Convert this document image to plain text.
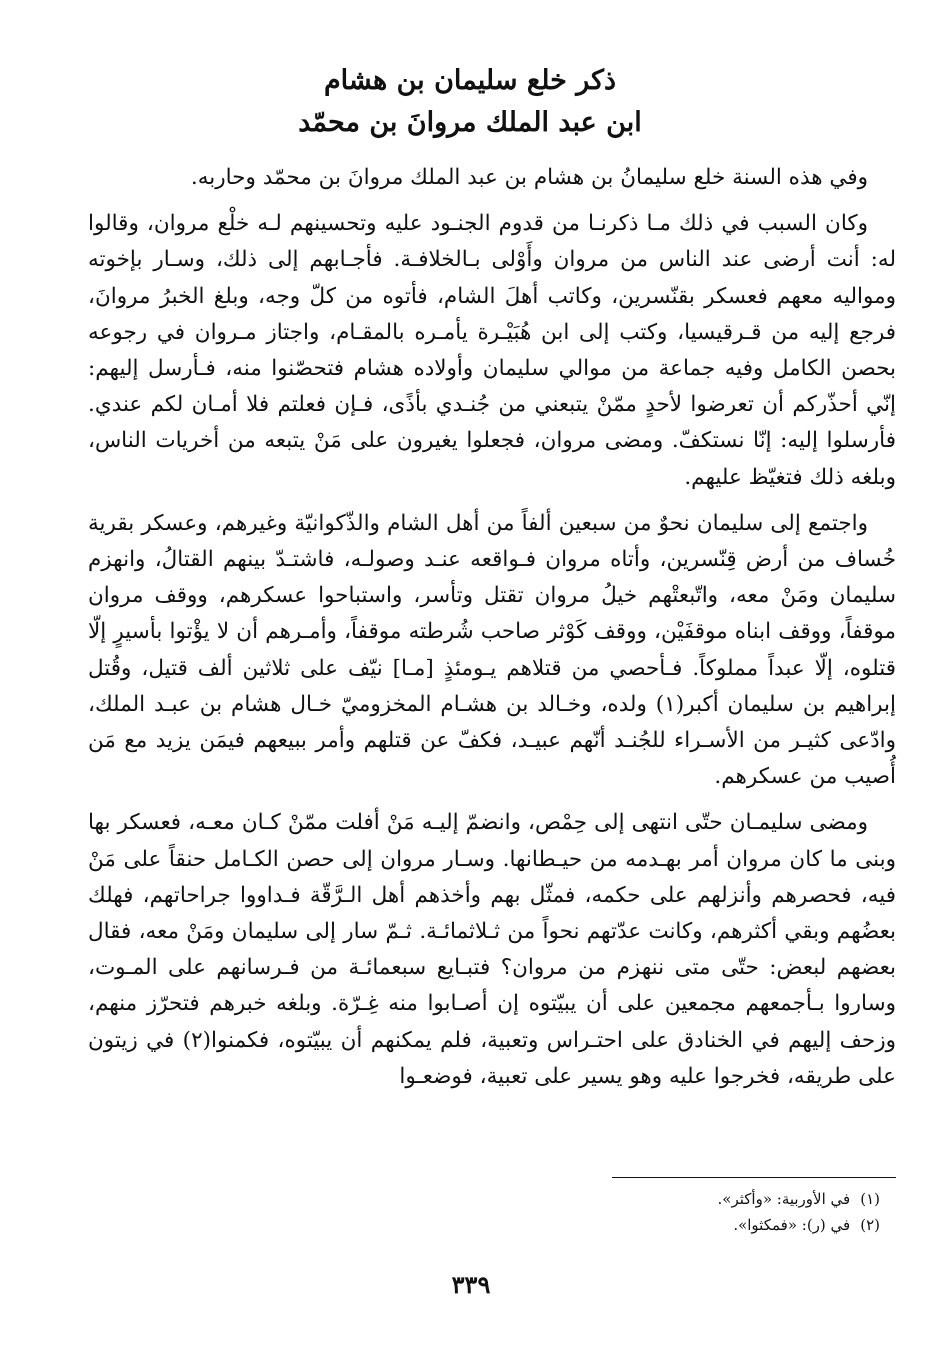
ذكر خلع سليمان بن هشام
ابن عبد الملك مروانَ بن محمّد

وفي هذه السنة خلع سليمانُ بن هشام بن عبد الملك مروانَ بن محمّد وحاربه.

وكان السبب في ذلك مـا ذكرنـا من قدوم الجنـود عليه وتحسينهم لـه خلْع مروان، وقالوا له: أنت أرضى عند الناس من مروان وأَوْلى بـالخلافـة. فأجـابهم إلى ذلك، وسـار بإخوته ومواليه معهم فعسكر بقنّسرين، وكاتب أهلَ الشام، فأتوه من كلّ وجه، وبلغ الخبرُ مروانَ، فرجع إليه من قـرقيسيا، وكتب إلى ابن هُبَيْـرة يأمـره بالمقـام، واجتاز مـروان في رجوعه بحصن الكامل وفيه جماعة من موالي سليمان وأولاده هشام فتحصّنوا منه، فـأرسل إليهم: إنّي أحذّركم أن تعرضوا لأحدٍ ممّنْ يتبعني من جُنـدي بأذًى، فـإن فعلتم فلا أمـان لكم عندي. فأرسلوا إليه: إنّا نستكفّ. ومضى مروان، فجعلوا يغيرون على مَنْ يتبعه من أخريات الناس، وبلغه ذلك فتغيّظ عليهم.

واجتمع إلى سليمان نحوٌ من سبعين ألفاً من أهل الشام والذّكوانيّة وغيرهم، وعسكر بقرية خُساف من أرض قِنّسرين، وأتاه مروان فـواقعه عنـد وصولـه، فاشتـدّ بينهم القتالُ، وانهزم سليمان ومَنْ معه، واتّبعتْهم خيلُ مروان تقتل وتأسر، واستباحوا عسكرهم، ووقف مروان موقفاً، ووقف ابناه موقفَيْن، ووقف كَوْثر صاحب شُرطته موقفاً، وأمـرهم أن لا يؤْتوا بأسيرٍ إلّا قتلوه، إلّا عبداً مملوكاً. فـأحصي من قتلاهم يـومئذٍ [مـا] نيّف على ثلاثين ألف قتيل، وقُتل إبراهيم بن سليمان أكبر(١) ولده، وخـالد بن هشـام المخزوميّ خـال هشام بن عبـد الملك، وادّعى كثيـر من الأسـراء للجُنـد أنّهم عبيـد، فكفّ عن قتلهم وأمر ببيعهم فيمَن يزيد مع مَن أُصيب من عسكرهم.

ومضى سليمـان حتّى انتهى إلى حِمْص، وانضمّ إليـه مَنْ أفلت ممّنْ كـان معـه، فعسكر بها وبنى ما كان مروان أمر بهـدمه من حيـطانها. وسـار مروان إلى حصن الكـامل حنقاً على مَنْ فيه، فحصرهم وأنزلهم على حكمه، فمثّل بهم وأخذهم أهل الـرَّقّة فـداووا جراحاتهم، فهلك بعضُهم وبقي أكثرهم، وكانت عدّتهم نحواً من ثـلاثمائـة. ثـمّ سار إلى سليمان ومَنْ معه، فقال بعضهم لبعض: حتّى متى ننهزم من مروان؟ فتبـايع سبعمائـة من فـرسانهم على المـوت، وساروا بـأجمعهم مجمعين على أن يبيّتوه إن أصـابوا منه غِـرّة. وبلغه خبرهم فتحرّز منهم، وزحف إليهم في الخنادق على احتـراس وتعبية، فلم يمكنهم أن يبيّتوه، فكمنوا(٢) في زيتون على طريقه، فخرجوا عليه وهو يسير على تعبية، فوضعـوا

(١)في الأوربية: «وأكثر».
(٢)في (ر): «فمكثوا».
٣٣٩
